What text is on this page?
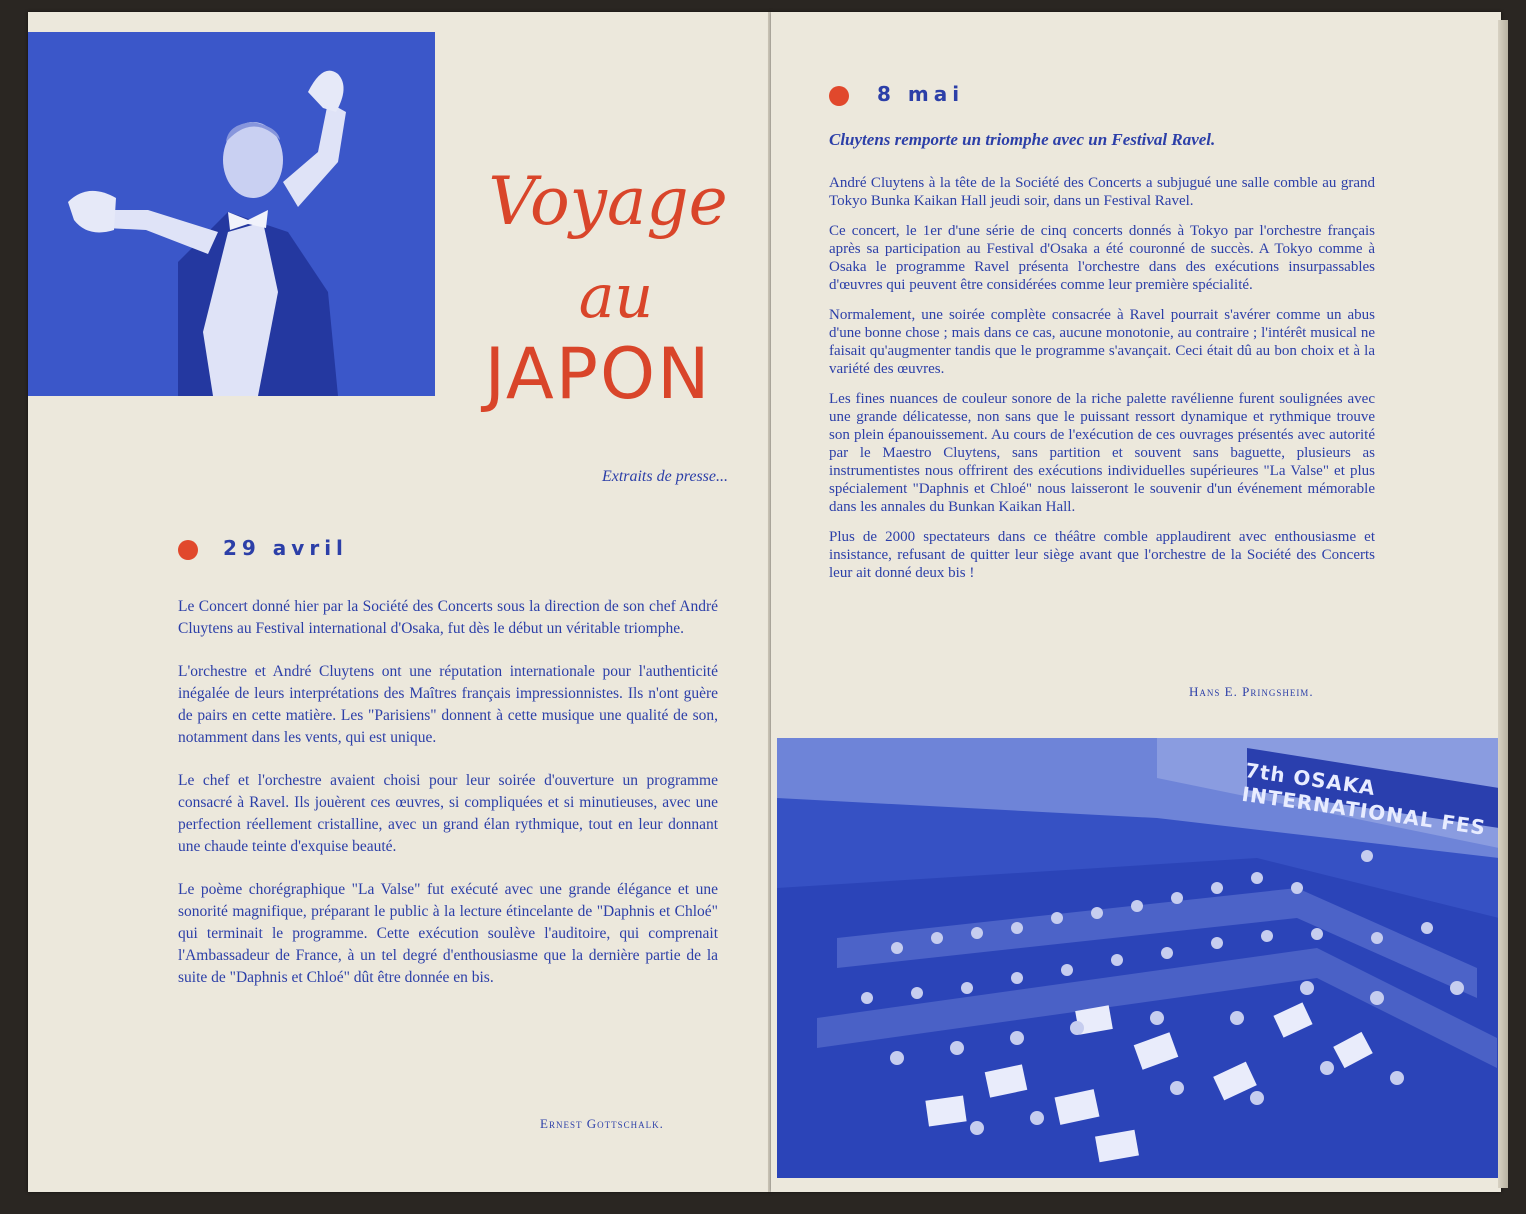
Voyage
au
JAPON
Extraits de presse...
29 avril

Le Concert donné hier par la Société des Concerts sous la direction de son chef André Cluytens au Festival international d'Osaka, fut dès le début un véritable triomphe.

L'orchestre et André Cluytens ont une réputation internationale pour l'authenticité inégalée de leurs interprétations des Maîtres français impressionnistes. Ils n'ont guère de pairs en cette matière. Les "Parisiens" donnent à cette musique une qualité de son, notamment dans les vents, qui est unique.

Le chef et l'orchestre avaient choisi pour leur soirée d'ouverture un programme consacré à Ravel. Ils jouèrent ces œuvres, si compliquées et si minutieuses, avec une perfection réellement cristalline, avec un grand élan rythmique, tout en leur donnant une chaude teinte d'exquise beauté.

Le poème chorégraphique "La Valse" fut exécuté avec une grande élégance et une sonorité magnifique, préparant le public à la lecture étincelante de "Daphnis et Chloé" qui terminait le programme. Cette exécution soulève l'auditoire, qui comprenait l'Ambassadeur de France, à un tel degré d'enthousiasme que la dernière partie de la suite de "Daphnis et Chloé" dût être donnée en bis.

Ernest Gottschalk.
8 mai
Cluytens remporte un triomphe avec un Festival Ravel.

André Cluytens à la tête de la Société des Concerts a subjugué une salle comble au grand Tokyo Bunka Kaikan Hall jeudi soir, dans un Festival Ravel.

Ce concert, le 1er d'une série de cinq concerts donnés à Tokyo par l'orchestre français après sa participation au Festival d'Osaka a été couronné de succès. A Tokyo comme à Osaka le programme Ravel présenta l'orchestre dans des exécutions insurpassables d'œuvres qui peuvent être considérées comme leur première spécialité.

Normalement, une soirée complète consacrée à Ravel pourrait s'avérer comme un abus d'une bonne chose ; mais dans ce cas, aucune monotonie, au contraire ; l'intérêt musical ne faisait qu'augmenter tandis que le programme s'avançait. Ceci était dû au bon choix et à la variété des œuvres.

Les fines nuances de couleur sonore de la riche palette ravélienne furent soulignées avec une grande délicatesse, non sans que le puissant ressort dynamique et rythmique trouve son plein épanouissement. Au cours de l'exécution de ces ouvrages présentés avec autorité par le Maestro Cluytens, sans partition et souvent sans baguette, plusieurs as instrumentistes nous offrirent des exécutions individuelles supérieures "La Valse" et plus spécialement "Daphnis et Chloé" nous laisseront le souvenir d'un événement mémorable dans les annales du Bunkan Kaikan Hall.

Plus de 2000 spectateurs dans ce théâtre comble applaudirent avec enthousiasme et insistance, refusant de quitter leur siège avant que l'orchestre de la Société des Concerts leur ait donné deux bis !

Hans E. Pringsheim.
7th OSAKA INTERNATIONAL FES
